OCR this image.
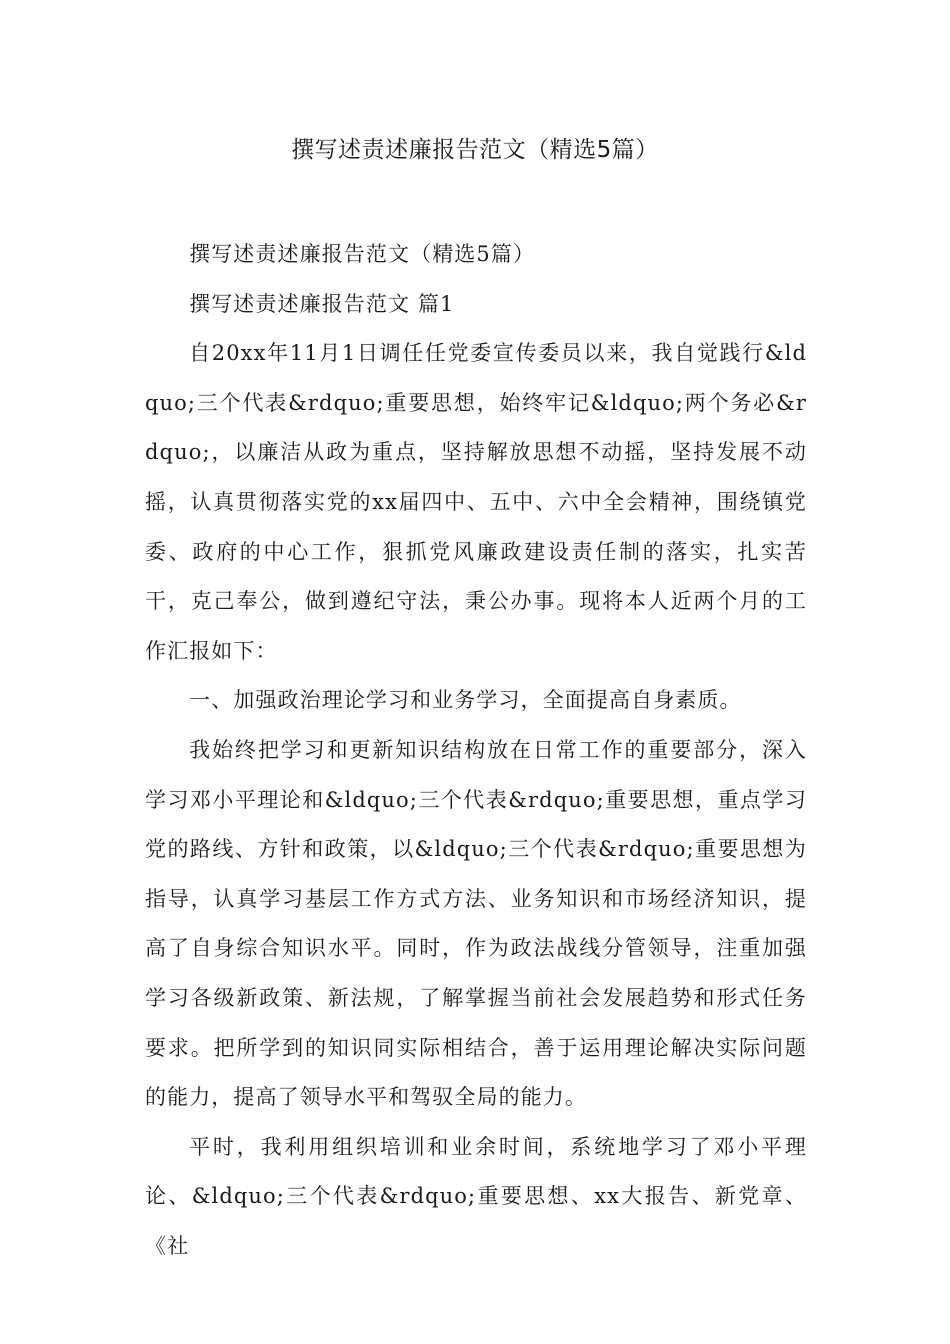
撰写述责述廉报告范文（精选5篇）

撰写述责述廉报告范文（精选5篇）

撰写述责述廉报告范文 篇1

自20xx年11月1日调任任党委宣传委员以来，我自觉践行&ldquo;三个代表&rdquo;重要思想，始终牢记&ldquo;两个务必&rdquo;，以廉洁从政为重点，坚持解放思想不动摇，坚持发展不动摇，认真贯彻落实党的xx届四中、五中、六中全会精神，围绕镇党委、政府的中心工作，狠抓党风廉政建设责任制的落实，扎实苦干，克己奉公，做到遵纪守法，秉公办事。现将本人近两个月的工作汇报如下：

一、加强政治理论学习和业务学习，全面提高自身素质。

我始终把学习和更新知识结构放在日常工作的重要部分，深入学习邓小平理论和&ldquo;三个代表&rdquo;重要思想，重点学习党的路线、方针和政策，以&ldquo;三个代表&rdquo;重要思想为指导，认真学习基层工作方式方法、业务知识和市场经济知识，提高了自身综合知识水平。同时，作为政法战线分管领导，注重加强学习各级新政策、新法规，了解掌握当前社会发展趋势和形式任务要求。把所学到的知识同实际相结合，善于运用理论解决实际问题的能力，提高了领导水平和驾驭全局的能力。

平时，我利用组织培训和业余时间，系统地学习了邓小平理论、&ldquo;三个代表&rdquo;重要思想、xx大报告、新党章、《社
